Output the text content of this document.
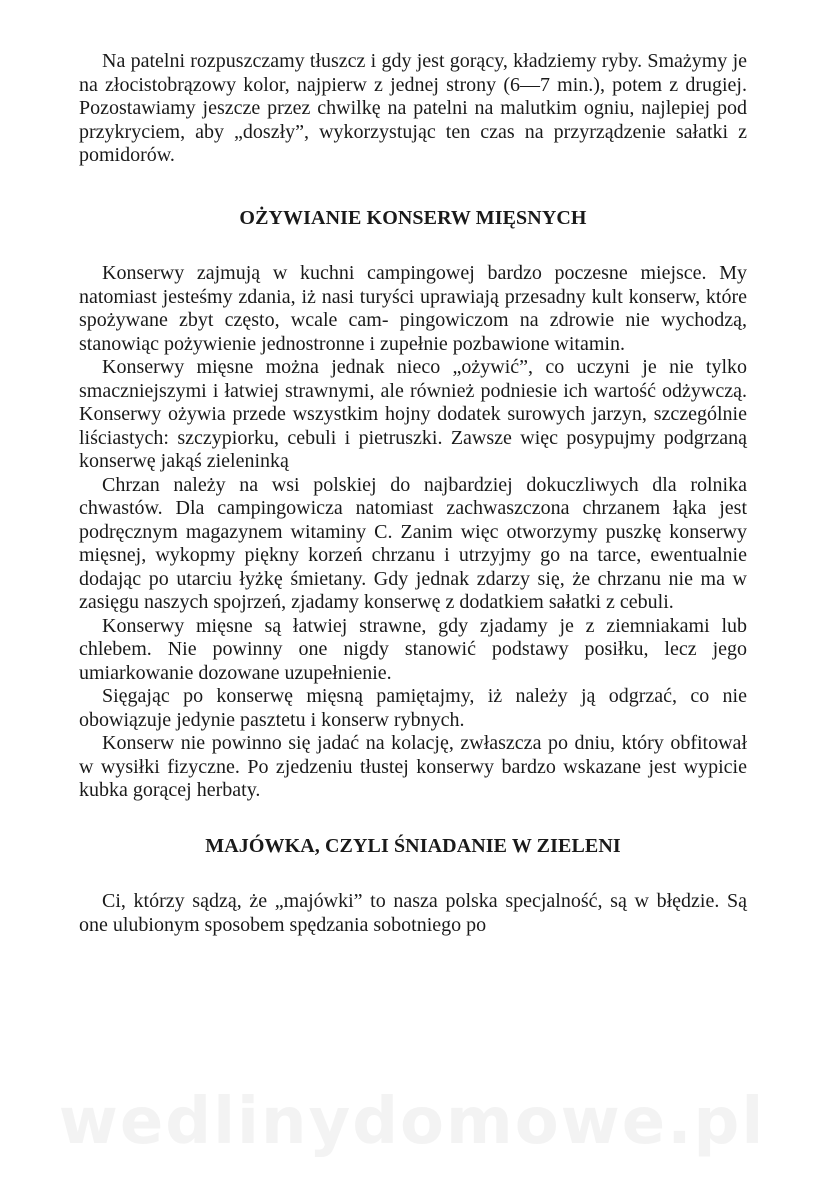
Na patelni rozpuszczamy tłuszcz i gdy jest gorący, kładziemy ryby. Smażymy je na złocistobrązowy kolor, najpierw z jednej strony (6—7 min.), potem z drugiej. Pozostawiamy jeszcze przez chwilkę na patelni na malutkim ogniu, najlepiej pod przykryciem, aby „doszły”, wykorzystując ten czas na przyrządzenie sałatki z pomidorów.

OŻYWIANIE KONSERW MIĘSNYCH

Konserwy zajmują w kuchni campingowej bardzo poczesne miejsce. My natomiast jesteśmy zdania, iż nasi turyści uprawiają przesadny kult konserw, które spożywane zbyt często, wcale cam- pingowiczom na zdrowie nie wychodzą, stanowiąc pożywienie jednostronne i zupełnie pozbawione witamin.

Konserwy mięsne można jednak nieco „ożywić”, co uczyni je nie tylko smaczniejszymi i łatwiej strawnymi, ale również podniesie ich wartość odżywczą. Konserwy ożywia przede wszystkim hojny dodatek surowych jarzyn, szczególnie liściastych: szczypiorku, cebuli i pietruszki. Zawsze więc posypujmy podgrzaną konserwę jakąś zieleninką

Chrzan należy na wsi polskiej do najbardziej dokuczliwych dla rolnika chwastów. Dla campingowicza natomiast zachwaszczona chrzanem łąka jest podręcznym magazynem witaminy C. Zanim więc otworzymy puszkę konserwy mięsnej, wykopmy piękny korzeń chrzanu i utrzyjmy go na tarce, ewentualnie dodając po utarciu łyżkę śmietany. Gdy jednak zdarzy się, że chrzanu nie ma w zasięgu naszych spojrzeń, zjadamy konserwę z dodatkiem sałatki z cebuli.

Konserwy mięsne są łatwiej strawne, gdy zjadamy je z ziemniakami lub chlebem. Nie powinny one nigdy stanowić podstawy posiłku, lecz jego umiarkowanie dozowane uzupełnienie.

Sięgając po konserwę mięsną pamiętajmy, iż należy ją odgrzać, co nie obowiązuje jedynie pasztetu i konserw rybnych.

Konserw nie powinno się jadać na kolację, zwłaszcza po dniu, który obfitował w wysiłki fizyczne. Po zjedzeniu tłustej konserwy bardzo wskazane jest wypicie kubka gorącej herbaty.

MAJÓWKA, CZYLI ŚNIADANIE W ZIELENI

Ci, którzy sądzą, że „majówki” to nasza polska specjalność, są w błędzie. Są one ulubionym sposobem spędzania sobotniego po

wedlinydomowe.pl
